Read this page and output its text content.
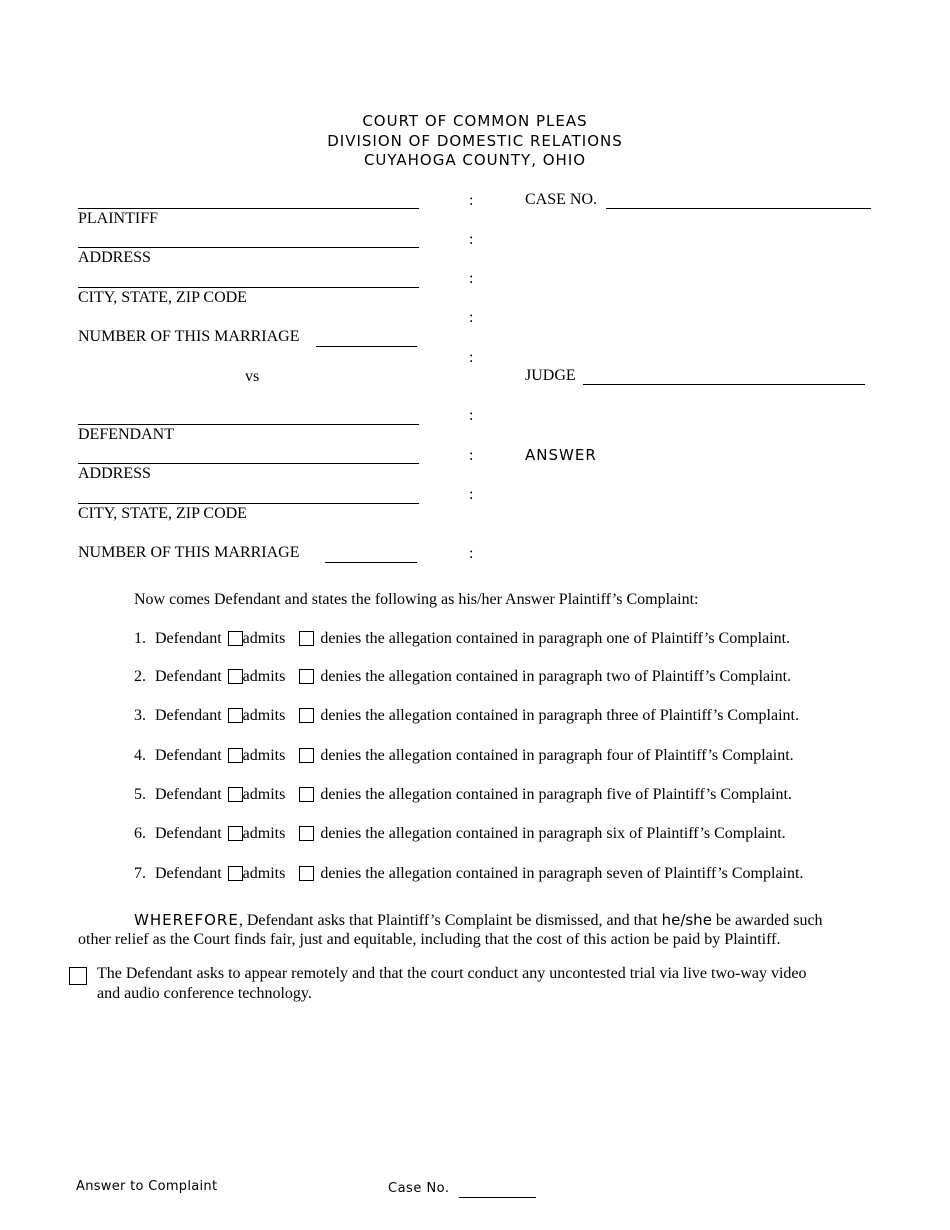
COURT OF COMMON PLEAS
DIVISION OF DOMESTIC RELATIONS
CUYAHOGA COUNTY, OHIO
PLAINTIFF
ADDRESS
CITY, STATE, ZIP CODE
NUMBER OF THIS MARRIAGE
vs
DEFENDANT
ADDRESS
CITY, STATE, ZIP CODE
NUMBER OF THIS MARRIAGE
:
:
:
:
:
:
:
:
:
CASE NO.
JUDGE
ANSWER
Now comes Defendant and states the following as his/her Answer Plaintiff’s Complaint:
1. Defendant admits denies the allegation contained in paragraph one of Plaintiff’s Complaint.
2. Defendant admits denies the allegation contained in paragraph two of Plaintiff’s Complaint.
3. Defendant admits denies the allegation contained in paragraph three of Plaintiff’s Complaint.
4. Defendant admits denies the allegation contained in paragraph four of Plaintiff’s Complaint.
5. Defendant admits denies the allegation contained in paragraph five of Plaintiff’s Complaint.
6. Defendant admits denies the allegation contained in paragraph six of Plaintiff’s Complaint.
7. Defendant admits denies the allegation contained in paragraph seven of Plaintiff’s Complaint.
WHEREFORE, Defendant asks that Plaintiff’s Complaint be dismissed, and that he/she be awarded such
other relief as the Court finds fair, just and equitable, including that the cost of this action be paid by Plaintiff.
The Defendant asks to appear remotely and that the court conduct any uncontested trial via live two-way video
and audio conference technology.
Answer to Complaint	Case No.
